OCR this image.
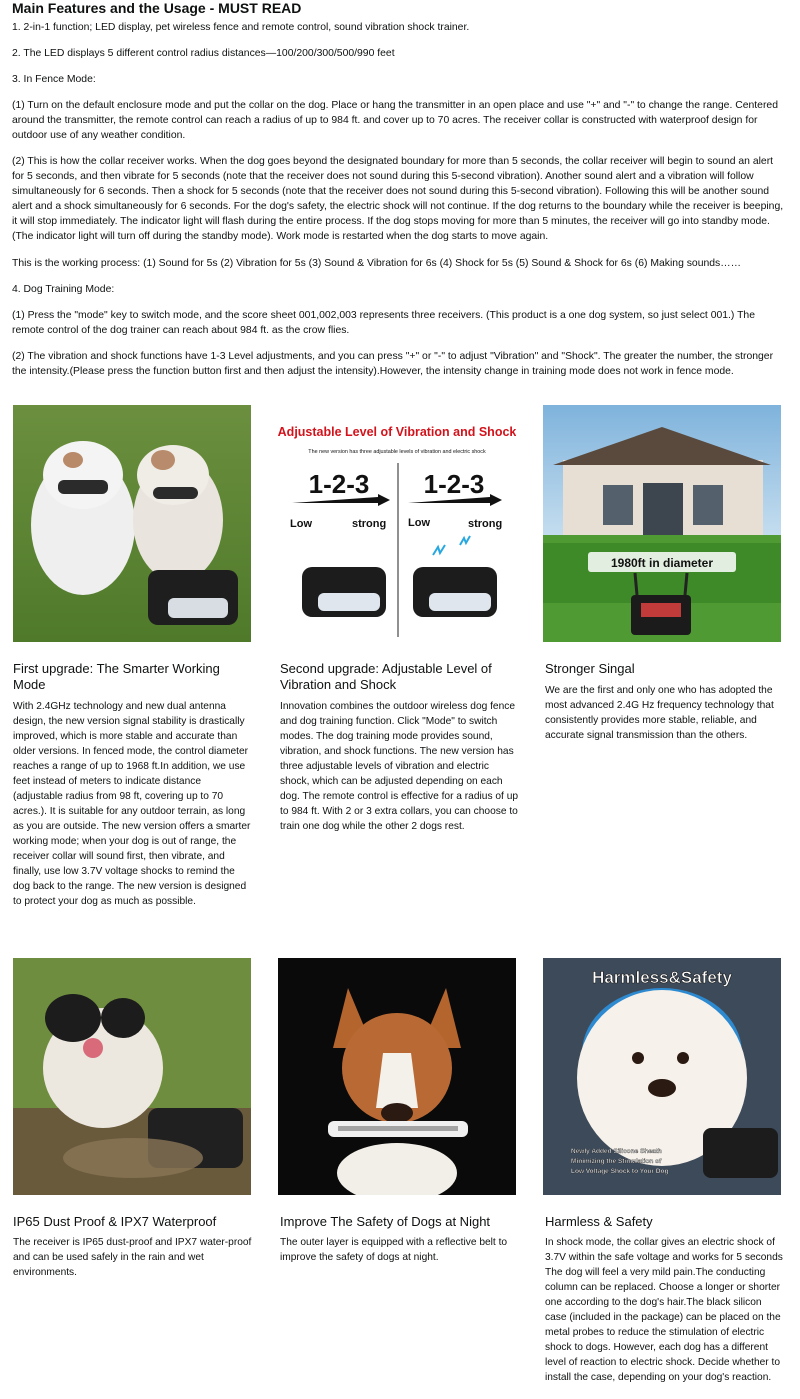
Main Features and the Usage - MUST READ

1. 2-in-1 function; LED display, pet wireless fence and remote control, sound vibration shock trainer.

2. The LED displays 5 different control radius distances—100/200/300/500/990 feet

3. In Fence Mode:

(1) Turn on the default enclosure mode and put the collar on the dog. Place or hang the transmitter in an open place and use "+" and "-" to change the range. Centered around the transmitter, the remote control can reach a radius of up to 984 ft. and cover up to 70 acres. The receiver collar is constructed with waterproof design for outdoor use of any weather condition.

(2) This is how the collar receiver works. When the dog goes beyond the designated boundary for more than 5 seconds, the collar receiver will begin to sound an alert for 5 seconds, and then vibrate for 5 seconds (note that the receiver does not sound during this 5-second vibration). Another sound alert and a vibration will follow simultaneously for 6 seconds. Then a shock for 5 seconds (note that the receiver does not sound during this 5-second vibration). Following this will be another sound alert and a shock simultaneously for 6 seconds. For the dog's safety, the electric shock will not continue. If the dog returns to the boundary while the receiver is beeping, it will stop immediately. The indicator light will flash during the entire process. If the dog stops moving for more than 5 minutes, the receiver will go into standby mode. (The indicator light will turn off during the standby mode). Work mode is restarted when the dog starts to move again.

This is the working process: (1) Sound for 5s (2) Vibration for 5s (3) Sound & Vibration for 6s (4) Shock for 5s (5) Sound & Shock for 6s (6) Making sounds……

4. Dog Training Mode:

(1) Press the "mode" key to switch mode, and the score sheet 001,002,003 represents three receivers. (This product is a one dog system, so just select 001.) The remote control of the dog trainer can reach about 984 ft. as the crow flies.

(2) The vibration and shock functions have 1-3 Level adjustments, and you can press "+" or "-" to adjust "Vibration" and "Shock". The greater the number, the stronger the intensity.(Please press the function button first and then adjust the intensity).However, the intensity change in training mode does not work in fence mode.

Adjustable Level of Vibration and Shock
The new version has three adjustable levels of vibration and electric shock
1-2-3 1-2-3
Low	strong Low	strong
1980ft in diameter
First upgrade: The Smarter Working Mode

With 2.4GHz technology and new dual antenna design, the new version signal stability is drastically improved, which is more stable and accurate than older versions. In fenced mode, the control diameter reaches a range of up to 1968 ft.In addition, we use feet instead of meters to indicate distance (adjustable radius from 98 ft, covering up to 70 acres.). It is suitable for any outdoor terrain, as long as you are outside. The new version offers a smarter working mode; when your dog is out of range, the receiver collar will sound first, then vibrate, and finally, use low 3.7V voltage shocks to remind the dog back to the range. The new version is designed to protect your dog as much as possible.

Second upgrade: Adjustable Level of Vibration and Shock

Innovation combines the outdoor wireless dog fence and dog training function. Click "Mode" to switch modes. The dog training mode provides sound, vibration, and shock functions. The new version has three adjustable levels of vibration and electric shock, which can be adjusted depending on each dog. The remote control is effective for a radius of up to 984 ft. With 2 or 3 extra collars, you can choose to train one dog while the other 2 dogs rest.

Stronger Singal

We are the first and only one who has adopted the most advanced 2.4G Hz frequency technology that consistently provides more stable, reliable, and accurate signal transmission than the others.

Harmless&Safety
Newly Added Silicone Sheath
Minimizing the Stimulation of
Low Voltage Shock to Your Dog
IP65 Dust Proof & IPX7 Waterproof

The receiver is IP65 dust-proof and IPX7 water-proof and can be used safely in the rain and wet environments.

Improve The Safety of Dogs at Night

The outer layer is equipped with a reflective belt to improve the safety of dogs at night.

Harmless & Safety

In shock mode, the collar gives an electric shock of 3.7V within the safe voltage and works for 5 seconds The dog will feel a very mild pain.The conducting column can be replaced. Choose a longer or shorter one according to the dog's hair.The black silicon case (included in the package) can be placed on the metal probes to reduce the stimulation of electric shock to dogs. However, each dog has a different level of reaction to electric shock. Decide whether to install the case, depending on your dog's reaction.
